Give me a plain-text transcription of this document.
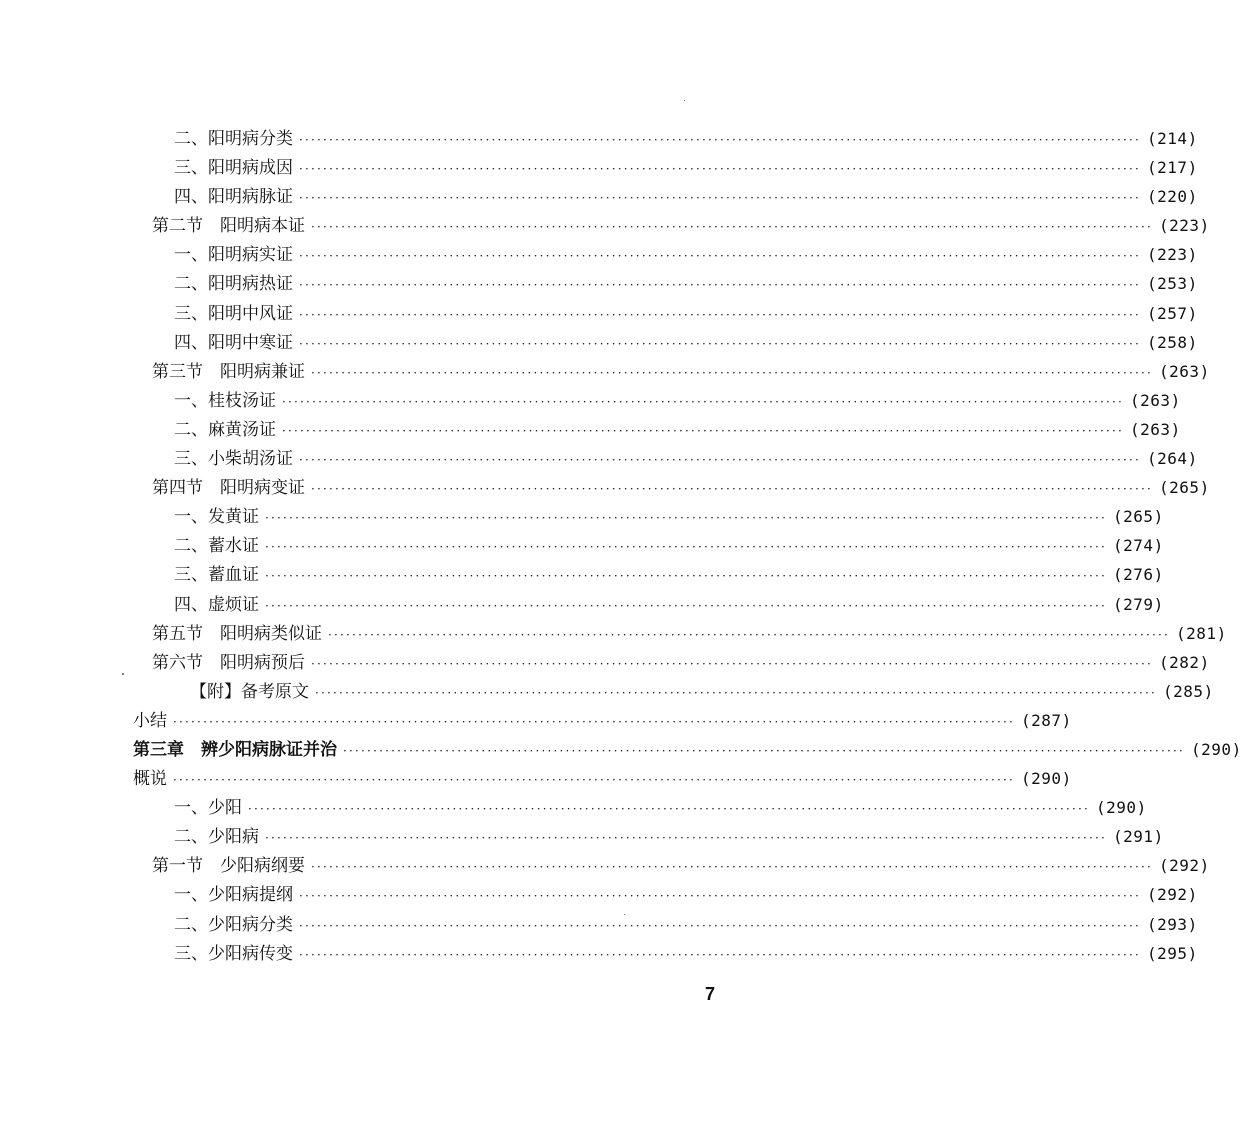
二、阳明病分类 ············································································································································ (214)
三、阳明病成因 ············································································································································ (217)
四、阳明病脉证 ············································································································································ (220)
第二节　阳明病本证 ············································································································································ (223)
一、阳明病实证 ············································································································································ (223)
二、阳明病热证 ············································································································································ (253)
三、阳明中风证 ············································································································································ (257)
四、阳明中寒证 ············································································································································ (258)
第三节　阳明病兼证 ············································································································································ (263)
一、桂枝汤证 ············································································································································ (263)
二、麻黄汤证 ············································································································································ (263)
三、小柴胡汤证 ············································································································································ (264)
第四节　阳明病变证 ············································································································································ (265)
一、发黄证 ············································································································································ (265)
二、蓄水证 ············································································································································ (274)
三、蓄血证 ············································································································································ (276)
四、虚烦证 ············································································································································ (279)
第五节　阳明病类似证 ············································································································································ (281)
第六节　阳明病预后 ············································································································································ (282)
【附】备考原文 ············································································································································ (285)
小结 ············································································································································ (287)
第三章　辨少阳病脉证并治 ············································································································································ (290)
概说 ············································································································································ (290)
一、少阳 ············································································································································ (290)
二、少阳病 ············································································································································ (291)
第一节　少阳病纲要 ············································································································································ (292)
一、少阳病提纲 ············································································································································ (292)
二、少阳病分类 ············································································································································ (293)
三、少阳病传变 ············································································································································ (295)
7
